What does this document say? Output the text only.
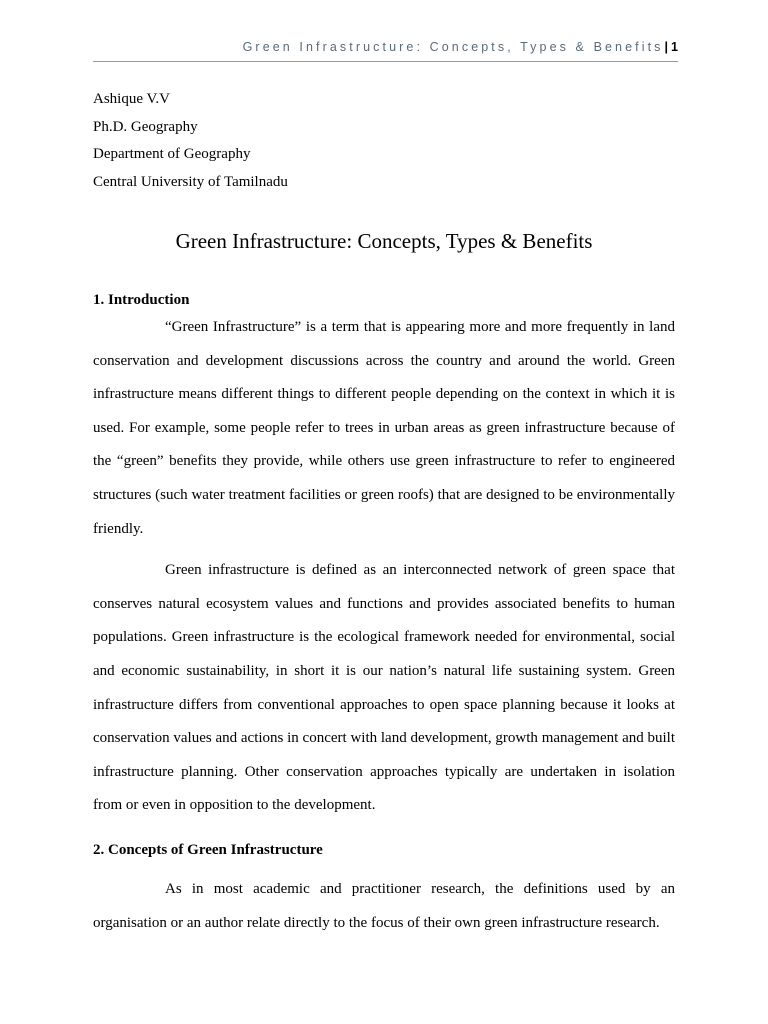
Green Infrastructure: Concepts, Types & Benefits| 1
Ashique V.V
Ph.D. Geography
Department of Geography
Central University of Tamilnadu
Green Infrastructure: Concepts, Types & Benefits
1. Introduction

“Green Infrastructure” is a term that is appearing more and more frequently in land conservation and development discussions across the country and around the world. Green infrastructure means different things to different people depending on the context in which it is used. For example, some people refer to trees in urban areas as green infrastructure because of the “green” benefits they provide, while others use green infrastructure to refer to engineered structures (such water treatment facilities or green roofs) that are designed to be environmentally friendly.

Green infrastructure is defined as an interconnected network of green space that conserves natural ecosystem values and functions and provides associated benefits to human populations. Green infrastructure is the ecological framework needed for environmental, social and economic sustainability, in short it is our nation’s natural life sustaining system. Green infrastructure differs from conventional approaches to open space planning because it looks at conservation values and actions in concert with land development, growth management and built infrastructure planning. Other conservation approaches typically are undertaken in isolation from or even in opposition to the development.

2. Concepts of Green Infrastructure

As in most academic and practitioner research, the definitions used by an organisation or an author relate directly to the focus of their own green infrastructure research.
